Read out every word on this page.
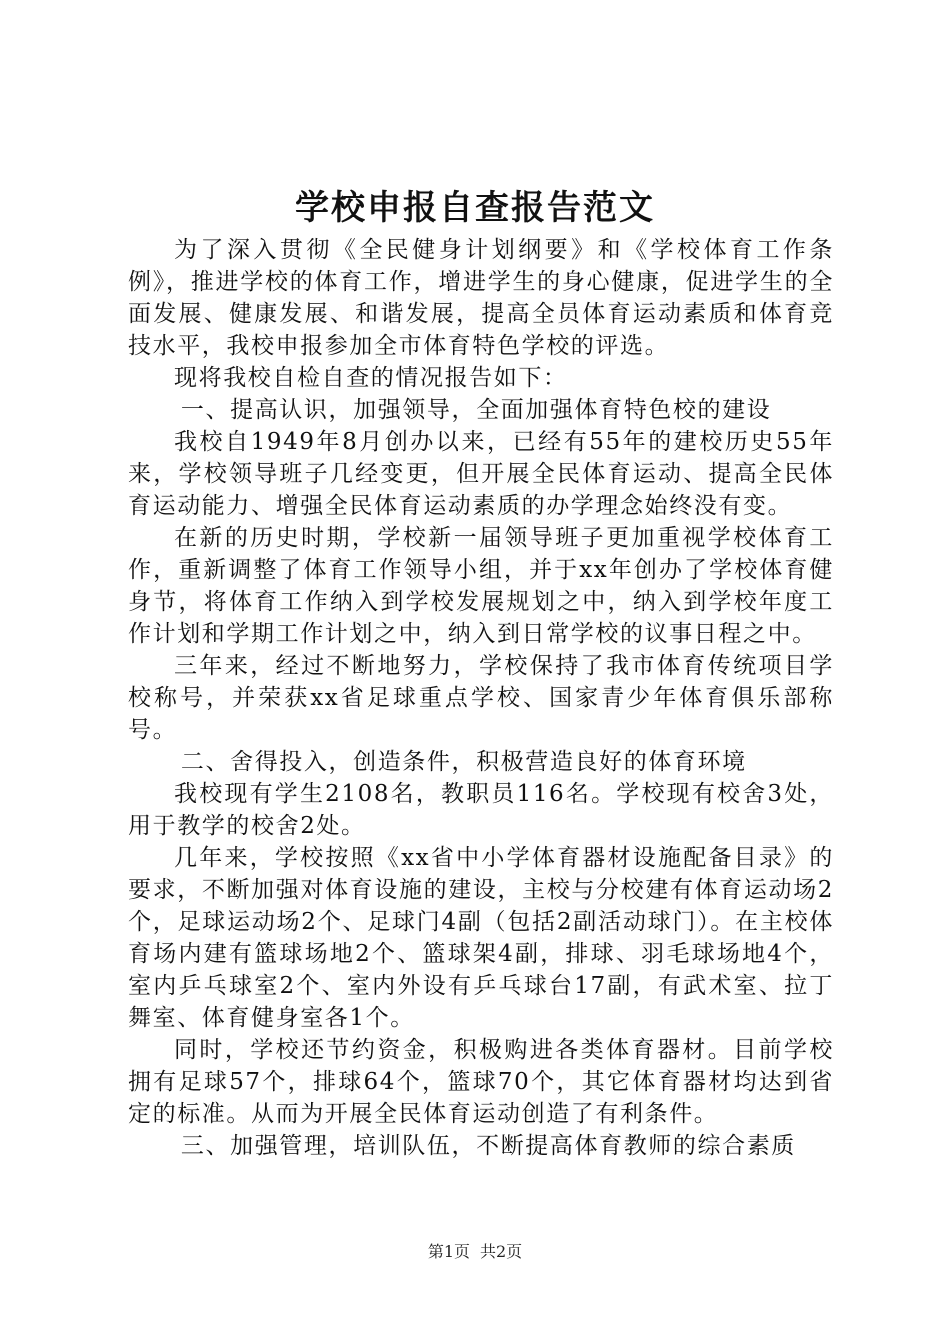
学校申报自查报告范文

为了深入贯彻《全民健身计划纲要》和《学校体育工作条例》，推进学校的体育工作，增进学生的身心健康，促进学生的全面发展、健康发展、和谐发展，提高全员体育运动素质和体育竞技水平，我校申报参加全市体育特色学校的评选。

现将我校自检自查的情况报告如下：

一、提高认识，加强领导，全面加强体育特色校的建设

我校自1949年8月创办以来，已经有55年的建校历史55年来，学校领导班子几经变更，但开展全民体育运动、提高全民体育运动能力、增强全民体育运动素质的办学理念始终没有变。

在新的历史时期，学校新一届领导班子更加重视学校体育工作，重新调整了体育工作领导小组，并于xx年创办了学校体育健身节，将体育工作纳入到学校发展规划之中，纳入到学校年度工作计划和学期工作计划之中，纳入到日常学校的议事日程之中。

三年来，经过不断地努力，学校保持了我市体育传统项目学校称号，并荣获xx省足球重点学校、国家青少年体育俱乐部称号。

二、舍得投入，创造条件，积极营造良好的体育环境

我校现有学生2108名，教职员116名。学校现有校舍3处，用于教学的校舍2处。

几年来，学校按照《xx省中小学体育器材设施配备目录》的要求，不断加强对体育设施的建设，主校与分校建有体育运动场2个，足球运动场2个、足球门4副（包括2副活动球门）。在主校体育场内建有篮球场地2个、篮球架4副，排球、羽毛球场地4个，室内乒乓球室2个、室内外设有乒乓球台17副，有武术室、拉丁舞室、体育健身室各1个。

同时，学校还节约资金，积极购进各类体育器材。目前学校拥有足球57个，排球64个，篮球70个，其它体育器材均达到省定的标准。从而为开展全民体育运动创造了有利条件。

三、加强管理，培训队伍，不断提高体育教师的综合素质

第1页 共2页
